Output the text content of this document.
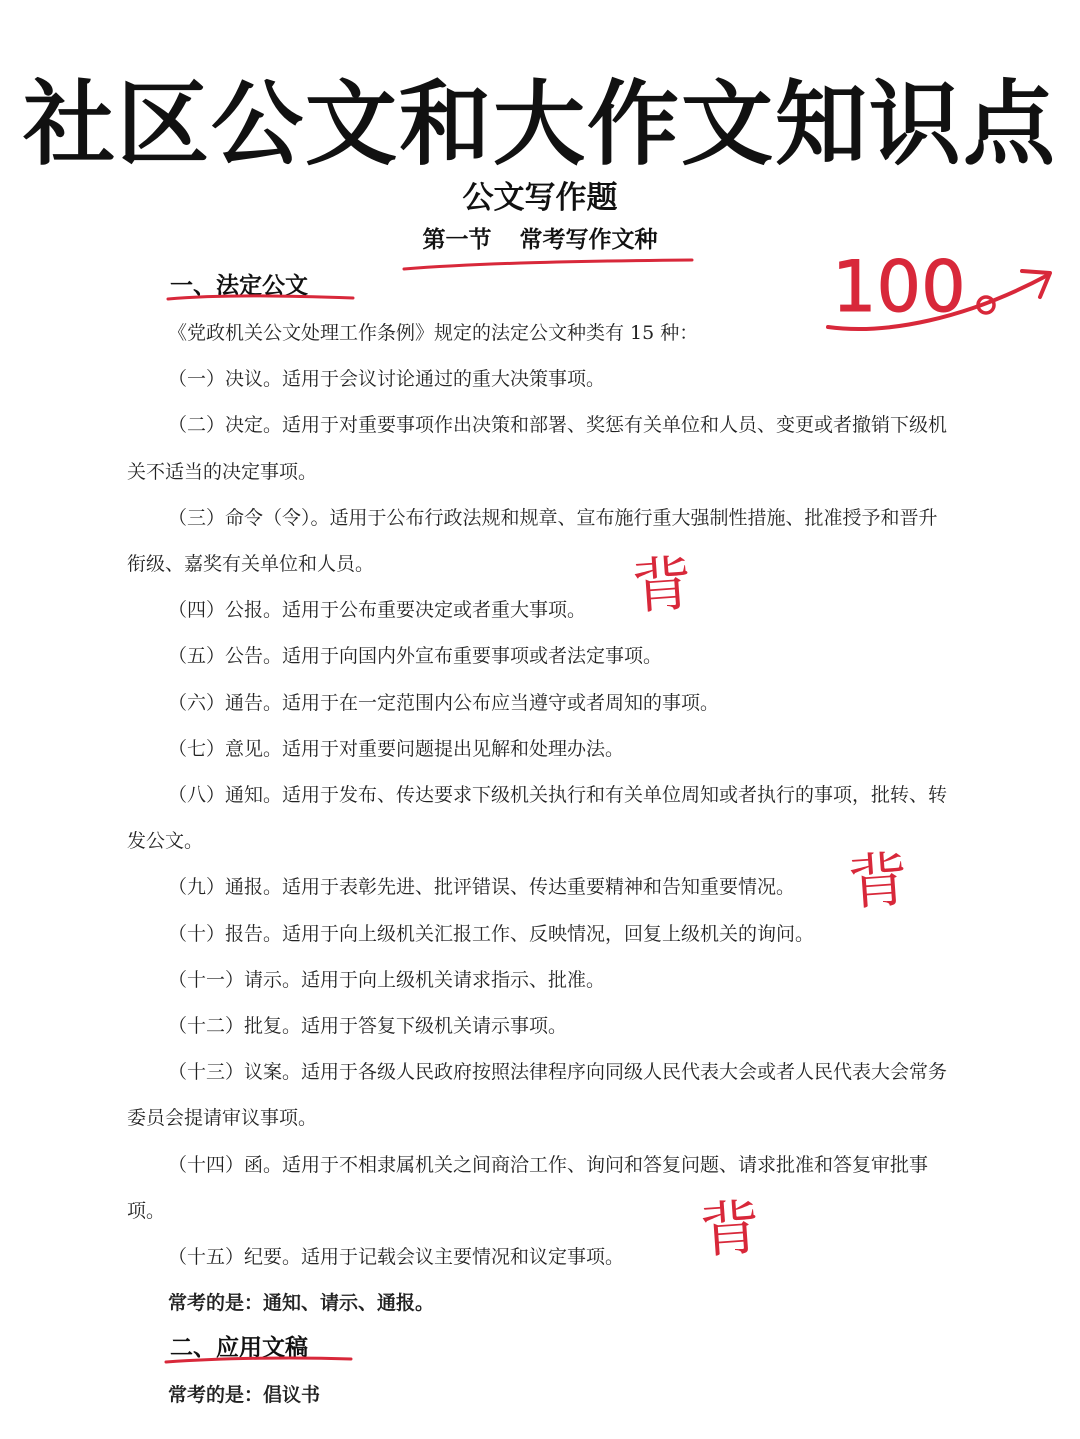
社区公文和大作文知识点
公文写作题
第一节 常考写作文种
一、法定公文	100

《党政机关公文处理工作条例》规定的法定公文种类有 15 种：

（一）决议。适用于会议讨论通过的重大决策事项。

（二）决定。适用于对重要事项作出决策和部署、奖惩有关单位和人员、变更或者撤销下级机关不适当的决定事项。

（三）命令（令）。适用于公布行政法规和规章、宣布施行重大强制性措施、批准授予和晋升衔级、嘉奖有关单位和人员。

（四）公报。适用于公布重要决定或者重大事项。

（五）公告。适用于向国内外宣布重要事项或者法定事项。

（六）通告。适用于在一定范围内公布应当遵守或者周知的事项。

（七）意见。适用于对重要问题提出见解和处理办法。

（八）通知。适用于发布、传达要求下级机关执行和有关单位周知或者执行的事项，批转、转发公文。

（九）通报。适用于表彰先进、批评错误、传达重要精神和告知重要情况。

（十）报告。适用于向上级机关汇报工作、反映情况，回复上级机关的询问。

（十一）请示。适用于向上级机关请求指示、批准。

（十二）批复。适用于答复下级机关请示事项。

（十三）议案。适用于各级人民政府按照法律程序向同级人民代表大会或者人民代表大会常务委员会提请审议事项。

（十四）函。适用于不相隶属机关之间商洽工作、询问和答复问题、请求批准和答复审批事项。

（十五）纪要。适用于记载会议主要情况和议定事项。

常考的是：通知、请示、通报。

二、应用文稿
常考的是：倡议书
背
背
背
